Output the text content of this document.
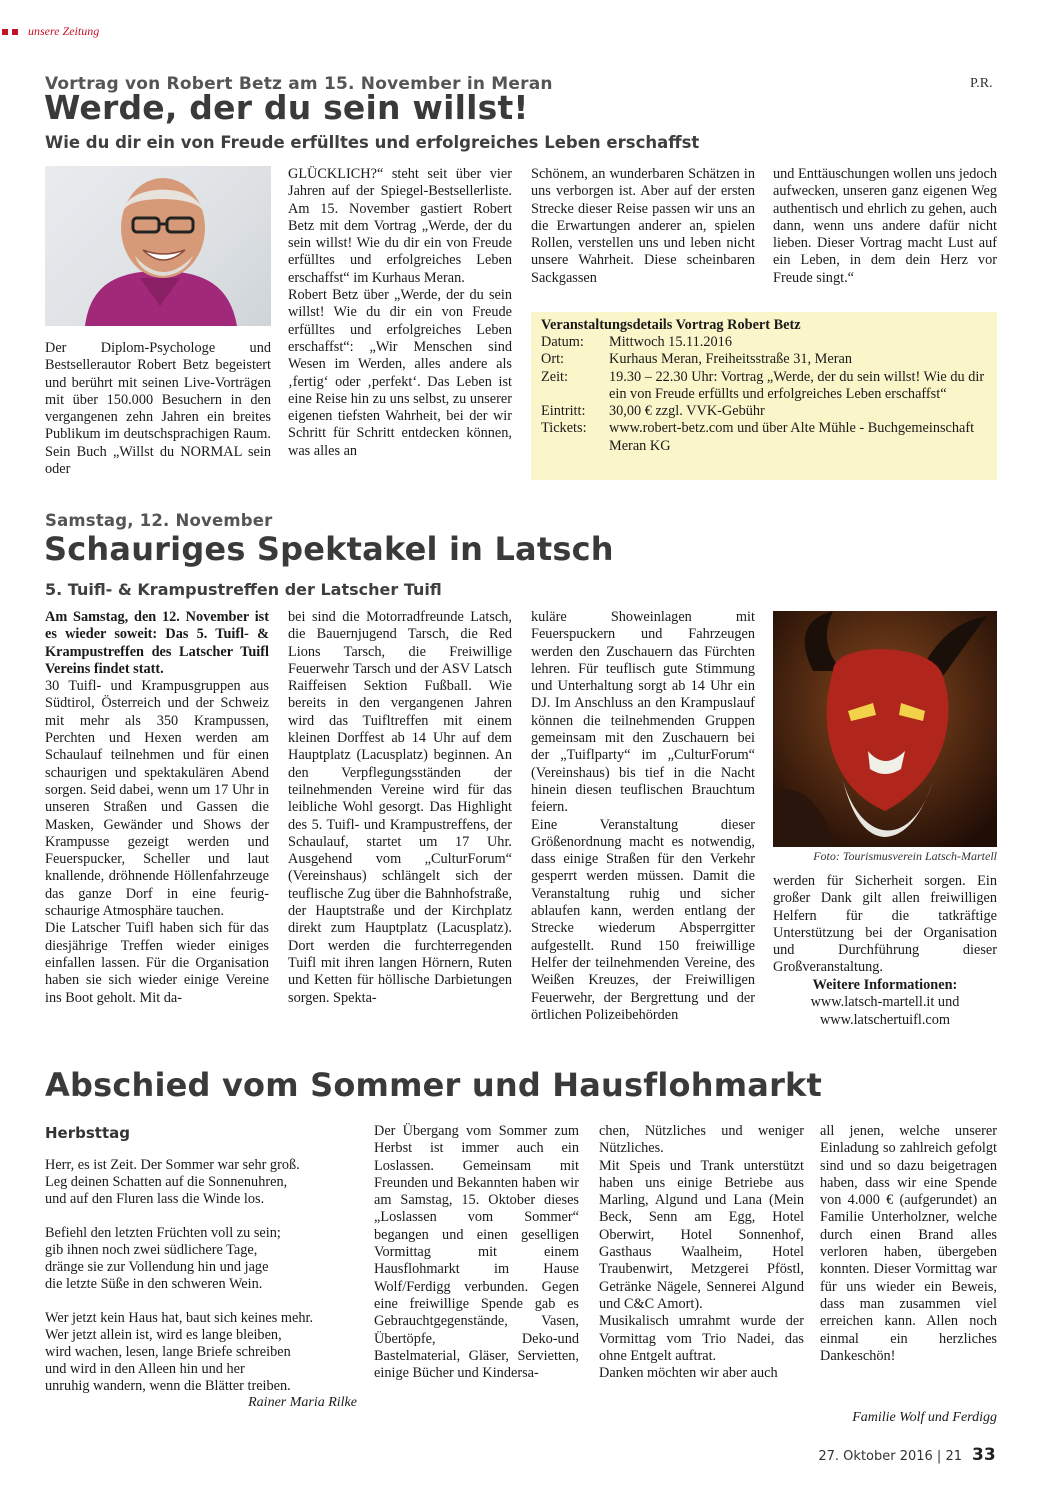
unsere Zeitung
Vortrag von Robert Betz am 15. November in Meran	P.R.
Werde, der du sein willst!
Wie du dir ein von Freude erfülltes und erfolgreiches Leben erschaffst
Der Diplom-Psychologe und Bestsellerautor Robert Betz begeistert und berührt mit seinen Live-Vorträgen mit über 150.000 Besuchern in den vergangenen zehn Jahren ein breites Publikum im deutschsprachigen Raum. Sein Buch „Willst du NORMAL sein oder

GLÜCKLICH?“ steht seit über vier Jahren auf der Spiegel-Bestsellerliste. Am 15. November gastiert Robert Betz mit dem Vortrag „Werde, der du sein willst! Wie du dir ein von Freude erfülltes und erfolgreiches Leben erschaffst“ im Kurhaus Meran.

Robert Betz über „Werde, der du sein willst! Wie du dir ein von Freude erfülltes und erfolgreiches Leben erschaffst“: „Wir Menschen sind Wesen im Werden, alles andere als ‚fertig‘ oder ‚perfekt‘. Das Leben ist eine Reise hin zu uns selbst, zu unserer eigenen tiefsten Wahrheit, bei der wir Schritt für Schritt entdecken können, was alles an

Schönem, an wunderbaren Schätzen in uns verborgen ist. Aber auf der ersten Strecke dieser Reise passen wir uns an die Erwartungen anderer an, spielen Rollen, verstellen uns und leben nicht unsere Wahrheit. Diese scheinbaren Sackgassen
und Enttäuschungen wollen uns jedoch aufwecken, unseren ganz eigenen Weg authentisch und ehrlich zu gehen, auch dann, wenn uns andere dafür nicht lieben. Dieser Vortrag macht Lust auf ein Leben, in dem dein Herz vor Freude singt.“
Veranstaltungsdetails Vortrag Robert Betz
Datum:	Mittwoch 15.11.2016
Ort:	Kurhaus Meran, Freiheitsstraße 31, Meran
Zeit:	19.30 – 22.30 Uhr: Vortrag „Werde, der du sein willst! Wie du dir ein von Freude erfüllts und erfolgreiches Leben erschaffst“
Eintritt:	30,00 € zzgl. VVK-Gebühr
Tickets:	www.robert-betz.com und über Alte Mühle - Buchgemeinschaft Meran KG
Samstag, 12. November
Schauriges Spektakel in Latsch
5. Tuifl- & Krampustreffen der Latscher Tuifl

Am Samstag, den 12. November ist es wieder soweit: Das 5. Tuifl- & Krampustreffen des Latscher Tuifl Vereins findet statt.

30 Tuifl- und Krampusgruppen aus Südtirol, Österreich und der Schweiz mit mehr als 350 Krampussen, Perchten und Hexen werden am Schaulauf teilnehmen und für einen schaurigen und spektakulären Abend sorgen. Seid dabei, wenn um 17 Uhr in unseren Straßen und Gassen die Masken, Gewänder und Shows der Krampusse gezeigt werden und Feuerspucker, Scheller und laut knallende, dröhnende Höllenfahrzeuge das ganze Dorf in eine feurig-schaurige Atmosphäre tauchen.

Die Latscher Tuifl haben sich für das diesjährige Treffen wieder einiges einfallen lassen. Für die Organisation haben sie sich wieder einige Vereine ins Boot geholt. Mit da-

bei sind die Motorradfreunde Latsch, die Bauernjugend Tarsch, die Red Lions Tarsch, die Freiwillige Feuerwehr Tarsch und der ASV Latsch Raiffeisen Sektion Fußball. Wie bereits in den vergangenen Jahren wird das Tuifltreffen mit einem kleinen Dorffest ab 14 Uhr auf dem Hauptplatz (Lacusplatz) beginnen. An den Verpflegungsständen der teilnehmenden Vereine wird für das leibliche Wohl gesorgt. Das Highlight des 5. Tuifl- und Krampustreffens, der Schaulauf, startet um 17 Uhr. Ausgehend vom „CulturForum“ (Vereinshaus) schlängelt sich der teuflische Zug über die Bahnhofstraße, der Hauptstraße und der Kirchplatz direkt zum Hauptplatz (Lacusplatz). Dort werden die furchterregenden Tuifl mit ihren langen Hörnern, Ruten und Ketten für höllische Darbietungen sorgen. Spekta-

kuläre Showeinlagen mit Feuerspuckern und Fahrzeugen werden den Zuschauern das Fürchten lehren. Für teuflisch gute Stimmung und Unterhaltung sorgt ab 14 Uhr ein DJ. Im Anschluss an den Krampuslauf können die teilnehmenden Gruppen gemeinsam mit den Zuschauern bei der „Tuiflparty“ im „CulturForum“ (Vereinshaus) bis tief in die Nacht hinein diesen teuflischen Brauchtum feiern.

Eine Veranstaltung dieser Größenordnung macht es notwendig, dass einige Straßen für den Verkehr gesperrt werden müssen. Damit die Veranstaltung ruhig und sicher ablaufen kann, werden entlang der Strecke wiederum Absperrgitter aufgestellt. Rund 150 freiwillige Helfer der teilnehmenden Vereine, des Weißen Kreuzes, der Freiwilligen Feuerwehr, der Bergrettung und der örtlichen Polizeibehörden

Foto: Tourismusverein Latsch-Martell
werden für Sicherheit sorgen. Ein großer Dank gilt allen freiwilligen Helfern für die tatkräftige Unterstützung bei der Organisation und Durchführung dieser Großveranstaltung.
Weitere Informationen:
www.latsch-martell.it und
www.latschertuifl.com
Abschied vom Sommer und Hausflohmarkt
Herbsttag

Herr, es ist Zeit. Der Sommer war sehr groß.
Leg deinen Schatten auf die Sonnenuhren,
und auf den Fluren lass die Winde los.

Befiehl den letzten Früchten voll zu sein;
gib ihnen noch zwei südlichere Tage,
dränge sie zur Vollendung hin und jage
die letzte Süße in den schweren Wein.

Wer jetzt kein Haus hat, baut sich keines mehr.
Wer jetzt allein ist, wird es lange bleiben,
wird wachen, lesen, lange Briefe schreiben
und wird in den Alleen hin und her
unruhig wandern, wenn die Blätter treiben.

Rainer Maria Rilke
Der Übergang vom Sommer zum Herbst ist immer auch ein Loslassen. Gemeinsam mit Freunden und Bekannten haben wir am Samstag, 15. Oktober dieses „Loslassen vom Sommer“ begangen und einen geselligen Vormittag mit einem Hausflohmarkt im Hause Wolf/Ferdigg verbunden. Gegen eine freiwillige Spende gab es Gebrauchtgegenstände, Vasen, Übertöpfe, Deko-und Bastelmaterial, Gläser, Servietten, einige Bücher und Kindersa-
chen, Nützliches und weniger Nützliches.
Mit Speis und Trank unterstützt haben uns einige Betriebe aus Marling, Algund und Lana (Mein Beck, Senn am Egg, Hotel Oberwirt, Hotel Sonnenhof, Gasthaus Waalheim, Hotel Traubenwirt, Metzgerei Pföstl, Getränke Nägele, Sennerei Algund und C&C Amort).
Musikalisch umrahmt wurde der Vormittag vom Trio Nadei, das ohne Entgelt auftrat.
Danken möchten wir aber auch
all jenen, welche unserer Einladung so zahlreich gefolgt sind und so dazu beigetragen haben, dass wir eine Spende von 4.000 € (aufgerundet) an Familie Unterholzner, welche durch einen Brand alles verloren haben, übergeben konnten. Dieser Vormittag war für uns wieder ein Beweis, dass man zusammen viel erreichen kann. Allen noch einmal ein herzliches Dankeschön!
Familie Wolf und Ferdigg
27. Oktober 2016 | 21 33
